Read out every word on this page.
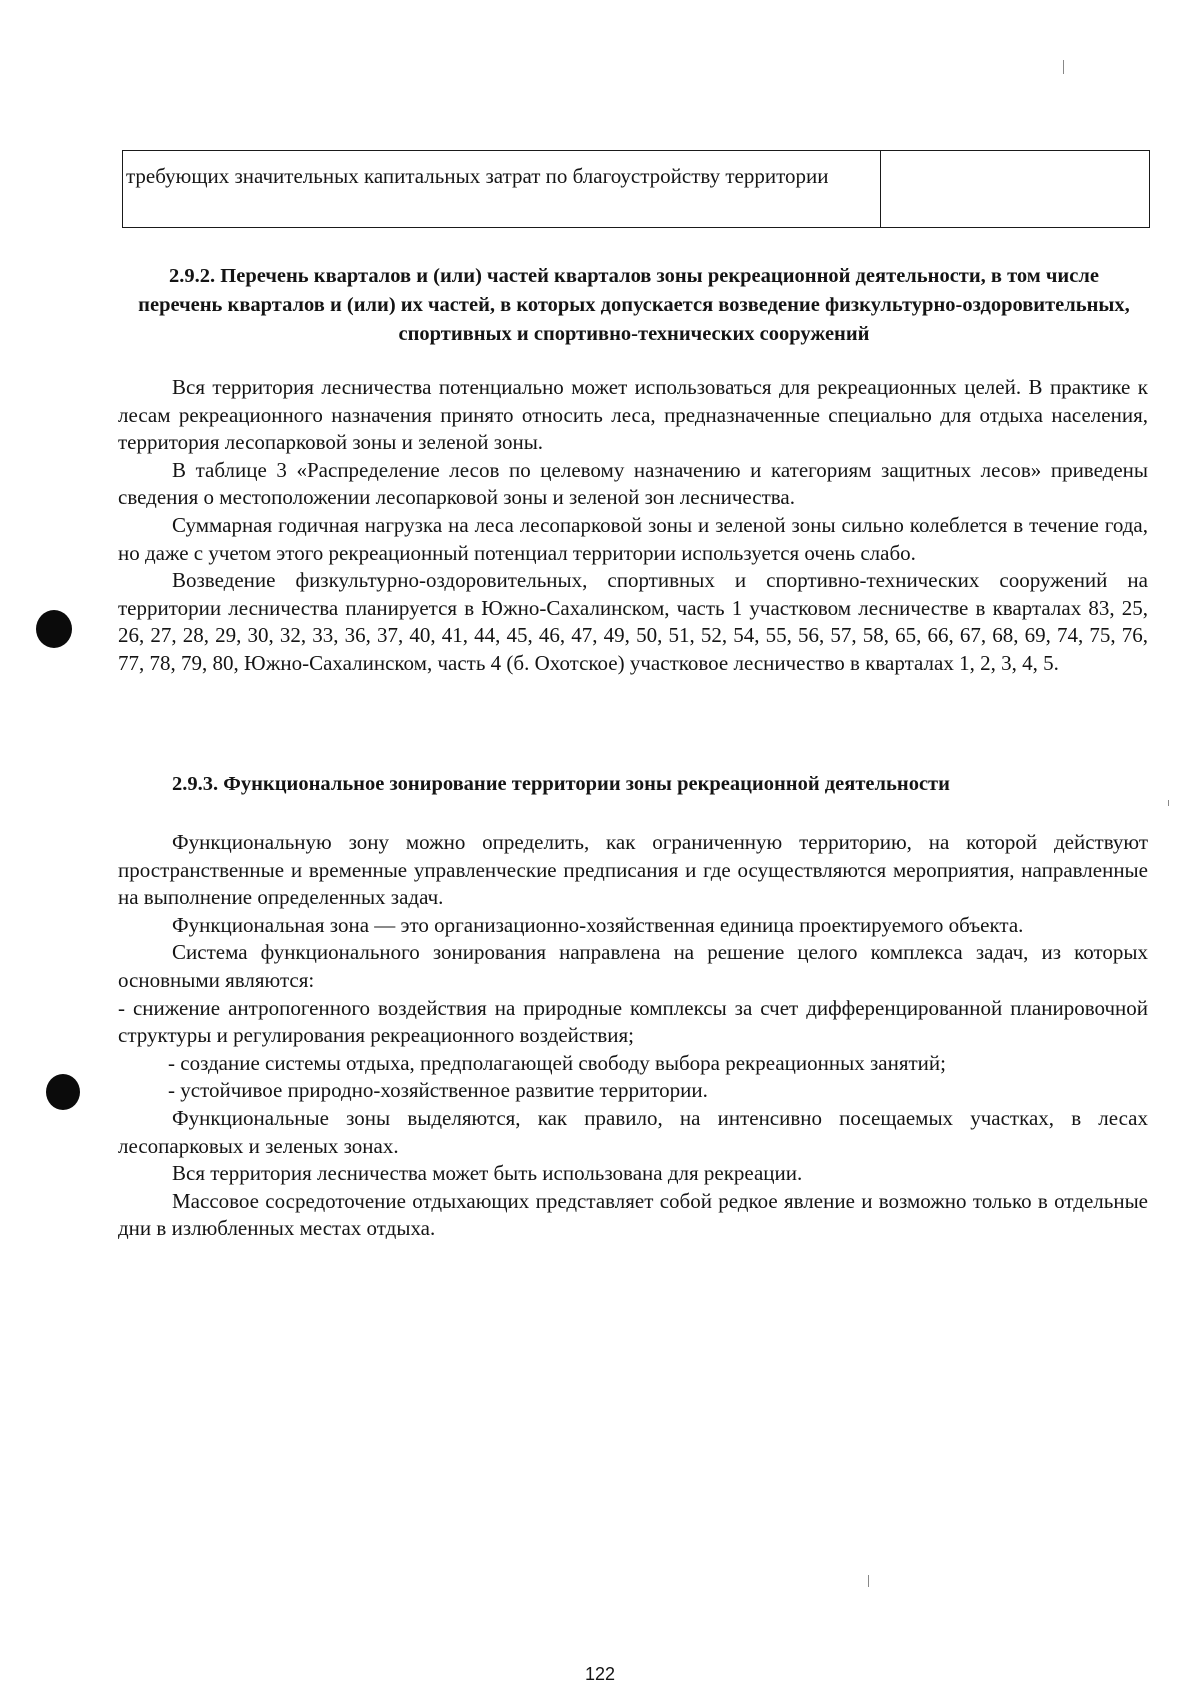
требующих значительных капитальных затрат по благоустройству территории	
2.9.2. Перечень кварталов и (или) частей кварталов зоны рекреационной деятельности, в том числе перечень кварталов и (или) их частей, в которых допускается возведение физкультурно-оздоровительных, спортивных и спортивно-технических сооружений

Вся территория лесничества потенциально может использоваться для рекреационных целей. В практике к лесам рекреационного назначения принято относить леса, предназначенные специально для отдыха населения, территория лесопарковой зоны и зеленой зоны.

В таблице 3 «Распределение лесов по целевому назначению и категориям защитных лесов» приведены сведения о местоположении лесопарковой зоны и зеленой зон лесничества.

Суммарная годичная нагрузка на леса лесопарковой зоны и зеленой зоны сильно колеблется в течение года, но даже с учетом этого рекреационный потенциал территории используется очень слабо.

Возведение физкультурно-оздоровительных, спортивных и спортивно-технических сооружений на территории лесничества планируется в Южно-Сахалинском, часть 1 участковом лесничестве в кварталах 83, 25, 26, 27, 28, 29, 30, 32, 33, 36, 37, 40, 41, 44, 45, 46, 47, 49, 50, 51, 52, 54, 55, 56, 57, 58, 65, 66, 67, 68, 69, 74, 75, 76, 77, 78, 79, 80, Южно-Сахалинском, часть 4 (б. Охотское) участковое лесничество в кварталах 1, 2, 3, 4, 5.

2.9.3. Функциональное зонирование территории зоны рекреационной деятельности

Функциональную зону можно определить, как ограниченную территорию, на которой действуют пространственные и временные управленческие предписания и где осуществляются мероприятия, направленные на выполнение определенных задач.

Функциональная зона — это организационно-хозяйственная единица проектируемого объекта.

Система функционального зонирования направлена на решение целого комплекса задач, из которых основными являются:

- снижение антропогенного воздействия на природные комплексы за счет дифференцированной планировочной структуры и регулирования рекреационного воздействия;

- создание системы отдыха, предполагающей свободу выбора рекреационных занятий;

- устойчивое природно-хозяйственное развитие территории.

Функциональные зоны выделяются, как правило, на интенсивно посещаемых участках, в лесах лесопарковых и зеленых зонах.

Вся территория лесничества может быть использована для рекреации.

Массовое сосредоточение отдыхающих представляет собой редкое явление и возможно только в отдельные дни в излюбленных местах отдыха.

122
